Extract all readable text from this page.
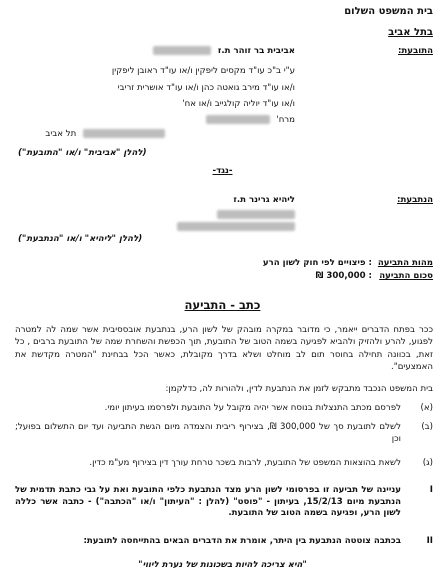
בית המשפט השלום
בתל אביב
התובעת:
אביבית בר זוהר ת.ז
ע"י ב"כ עו"ד מקסים ליפקין ו/או עו"ד ראובן ליפקין
ו/או עו"ד מירב גואטה כהן ו/או עו"ד אושרית זריבי
ו/או עו"ד יוליה קולגייב ו/או אח'
מרח'
תל אביב
(להלן "אביבית" ו/או "התובעת")
-נגד-
הנתבעת:
ליהיא גרינר ת.ז
(להלן "ליהיא" ו/או "הנתבעת")
מהות התביעה
: פיצויים לפי חוק לשון הרע
סכום התביעה
: 300,000 ₪
כתב - התביעה
ככר בפתח הדברים ייאמר, כי מדובר במקרה מובהק של לשון הרע, בנתבעת אובססיבית אשר שמה לה למטרה לפגוע, להרע ולהזיק ולהביא לפגיעה בשמה הטוב של התובעת, תוך הכפשת והשחרת שמה של התובעת ברבים , כל זאת, בכוונה תחילה בחוסר תום לב מוחלט ושלא בדרך מקובלת, כאשר הכל בבחינת "המטרה מקדשת את האמצעים".
בית המשפט הנכבד מתבקש לזמן את הנתבעת לדין, ולהורות לה, כדלקמן:
(א)
לפרסם מכתב התנצלות בנוסח אשר יהיה מקובל על התובעת ולפרסמו בעיתון יומי.
(ב)
לשלם לתובעת סך של 300,000 ₪, בצירוף ריבית והצמדה מיום הגשת התביעה ועד יום התשלום בפועל; וכן
(ג)
לשאת בהוצאות המשפט של התובעת, לרבות בשכר טרחת עורך דין בצירוף מע"מ כדין.
I
עניינה של תביעה זו בפרסומי לשון הרע מצד הנתבעת כלפי התובעת ואת על גבי כתבת תדמית של הנתבעת מיום 15/2/13, בעיתון - "פוסט" (להלן : "העיתון" ו/או "הכתבה") - כתבה אשר כללה לשון הרע, ופגיעה בשמה הטוב של התובעת.
II
בכתבה צוטטה הנתבעת בין היתר, אומרת את הדברים הבאים בהתייחסה לתובעת:
"היא צריכה להיות בשכונות של נערת ליווי"
